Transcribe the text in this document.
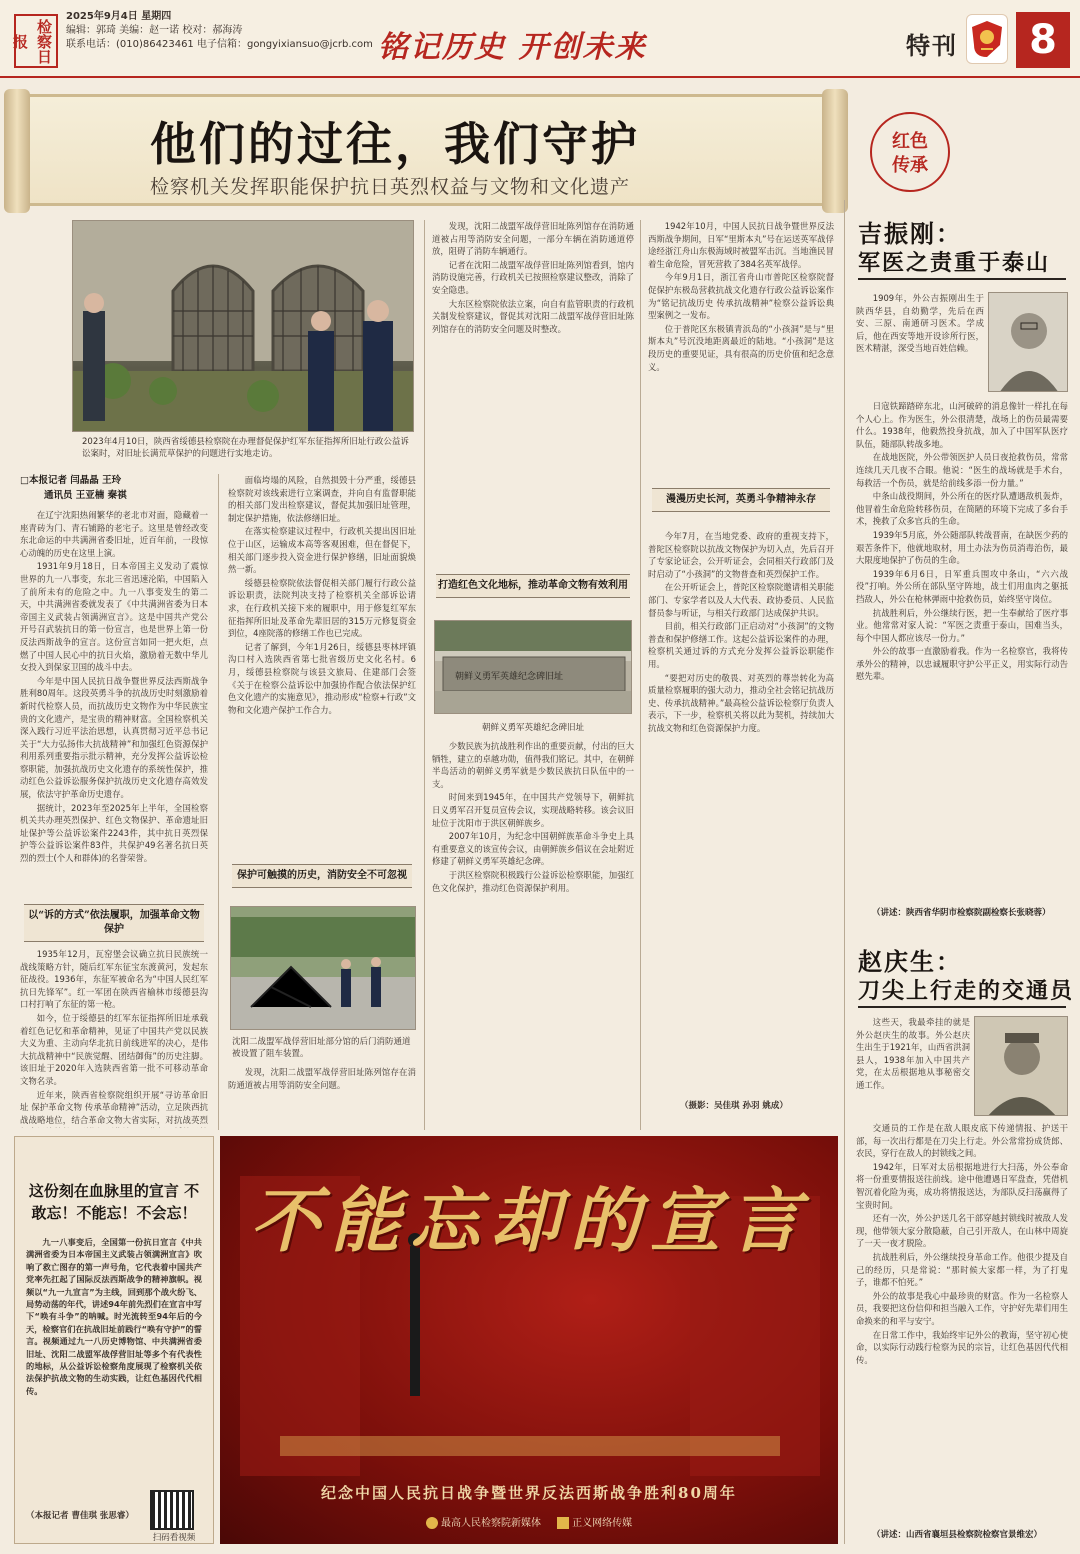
检察日报
2025年9月4日 星期四
编辑：郭琦 美编：赵一诺 校对：郝海涛
联系电话：(010)86423461 电子信箱：gongyixiansuo@jcrb.com 铭记历史 开创未来	特刊	8
他们的过往，我们守护
检察机关发挥职能保护抗日英烈权益与文物和文化遗产
红色
传承
2023年4月10日，陕西省绥德县检察院在办理督促保护红军东征指挥所旧址行政公益诉讼案时，对旧址长满荒草保护的问题进行实地走访。

□本报记者 闫晶晶 王玲

通讯员 王亚楠 秦祺

在辽宁沈阳热闹繁华的老北市对面，隐藏着一座青砖为门、青石铺路的老宅子。这里是曾经改变东北命运的中共满洲省委旧址，近百年前，一段惊心动魄的历史在这里上演。

1931年9月18日，日本帝国主义发动了震惊世界的九一八事变，东北三省迅速沦陷，中国陷入了前所未有的危险之中。九一八事变发生的第二天，中共满洲省委就发表了《中共满洲省委为日本帝国主义武装占领满洲宣言》。这是中国共产党公开号召武装抗日的第一份宣言，也是世界上第一份反法西斯战争的宣言。这份宣言如同一把火炬，点燃了中国人民心中的抗日火焰，激励着无数中华儿女投入到保家卫国的战斗中去。

今年是中国人民抗日战争暨世界反法西斯战争胜利80周年。这段英勇斗争的抗战历史时刻激励着新时代检察人员，而抗战历史文物作为中华民族宝贵的文化遗产，是宝贵的精神财富。全国检察机关深入践行习近平法治思想，认真贯彻习近平总书记关于“大力弘扬伟大抗战精神”和加强红色资源保护利用系列重要指示批示精神，充分发挥公益诉讼检察职能，加强抗战历史文化遗存的系统性保护，推动红色公益诉讼服务保护抗战历史文化遗存高效发展，依法守护革命历史遗存。

据统计，2023年至2025年上半年，全国检察机关共办理英烈保护、红色文物保护、革命遗址旧址保护等公益诉讼案件2243件，其中抗日英烈保护等公益诉讼案件83件，共保护49名著名抗日英烈的烈士(个人和群体)的名誉荣誉。

以“诉的方式”依法履职，加强革命文物保护

1935年12月，瓦窑堡会议确立抗日民族统一战线策略方针，随后红军东征宝东渡黄河，发起东征战役。1936年，东征军被命名为“中国人民红军抗日先锋军”。红一军团在陕西省榆林市绥德县沟口村打响了东征的第一枪。

如今，位于绥德县的红军东征指挥所旧址承载着红色记忆和革命精神，见证了中国共产党以民族大义为重、主动向华北抗日前线进军的决心，是伟大抗战精神中“民族觉醒、团结御侮”的历史注脚。该旧址于2020年入选陕西省第一批不可移动革命文物名录。

近年来，陕西省检察院组织开展“寻访革命旧址 保护革命文物 传承革命精神”活动，立足陕西抗战战略地位，结合革命文物大省实际，对抗战英烈

面临垮塌的风险，自然损毁十分严重，绥德县检察院对该线索进行立案调查，并向自有监督职能的相关部门发出检察建议，督促其加强旧址管理，制定保护措施，依法修缮旧址。

在落实检察建议过程中，行政机关提出因旧址位于山区，运输成本高等客观困难，但在督促下，相关部门逐步投入资金进行保护修缮，旧址面貌焕然一新。

绥德县检察院依法督促相关部门履行行政公益诉讼职责，法院判决支持了检察机关全部诉讼请求，在行政机关接下来的履职中，用于修复红军东征指挥所旧址及革命先辈旧居的315万元修复资金到位，4座院落的修缮工作也已完成。

记者了解到，今年1月26日，绥德县枣林坪镇沟口村入选陕西省第七批省级历史文化名村。6月，绥德县检察院与该县文旅局、住建部门会签《关于在检察公益诉讼中加强协作配合依法保护红色文化遗产的实施意见》，推动形成“检察+行政”文物和文化遗产保护工作合力。

保护可触摸的历史，消防安全不可忽视
沈阳二战盟军战俘营旧址部分馆的后门消防通道被设置了阻车装置。

发现，沈阳二战盟军战俘营旧址陈列馆存在消防通道被占用等消防安全问题。

发现，沈阳二战盟军战俘营旧址陈列馆存在消防通道被占用等消防安全问题，一部分车辆在消防通道停放，阻碍了消防车辆通行。

记者在沈阳二战盟军战俘营旧址陈列馆看到，馆内消防设施完善，行政机关已按照检察建议整改，消除了安全隐患。

大东区检察院依法立案，向自有监管职责的行政机关制发检察建议，督促其对沈阳二战盟军战俘营旧址陈列馆存在的消防安全问题及时整改。

打造红色文化地标，推动革命文物有效利用
朝鲜义勇军英雄纪念碑旧址
朝鲜义勇军英雄纪念碑旧址

少数民族为抗战胜利作出的重要贡献，付出的巨大牺牲，建立的卓越功勋，值得我们铭记。其中，在朝鲜半岛活动的朝鲜义勇军就是少数民族抗日队伍中的一支。

时间来到1945年，在中国共产党领导下，朝鲜抗日义勇军召开复员宣传会议，实现战略转移。该会议旧址位于沈阳市于洪区朝鲜族乡。

2007年10月，为纪念中国朝鲜族革命斗争史上具有重要意义的该宣传会议，由朝鲜族乡倡议在会址附近修建了朝鲜义勇军英雄纪念碑。

于洪区检察院积极践行公益诉讼检察职能，加强红色文化保护，推动红色资源保护利用。

1942年10月，中国人民抗日战争暨世界反法西斯战争期间，日军“里斯本丸”号在运送英军战俘途经浙江舟山东极海域时被盟军击沉。当地渔民冒着生命危险，冒死营救了384名英军战俘。

今年9月1日，浙江省舟山市普陀区检察院督促保护东极岛营救抗战文化遗存行政公益诉讼案作为“铭记抗战历史 传承抗战精神”检察公益诉讼典型案例之一发布。

位于普陀区东极镇青浜岛的“小孩洞”是与“里斯本丸”号沉没地距离最近的陆地。“小孩洞”是这段历史的重要见证，具有很高的历史价值和纪念意义。

漫漫历史长河，英勇斗争精神永存

今年7月，在当地党委、政府的重视支持下，普陀区检察院以抗战文物保护为切入点，先后召开了专家论证会，公开听证会，会同相关行政部门及时启动了“小孩洞”的文物普查和英烈保护工作。

在公开听证会上，普陀区检察院邀请相关职能部门、专家学者以及人大代表、政协委员、人民监督员参与听证，与相关行政部门达成保护共识。

目前，相关行政部门正启动对“小孩洞”的文物普查和保护修缮工作。这起公益诉讼案件的办理，检察机关通过诉的方式充分发挥公益诉讼职能作用。

“要把对历史的敬畏、对英烈的尊崇转化为高质量检察履职的强大动力，推动全社会铭记抗战历史、传承抗战精神。”最高检公益诉讼检察厅负责人表示，下一步，检察机关将以此为契机，持续加大抗战文物和红色资源保护力度。

（摄影：吴佳琪 孙羽 姚成）
吉振刚：
军医之责重于泰山

1909年，外公吉振刚出生于陕西华县，自幼勤学，先后在西安、三原、南通研习医术。学成后，他在西安等地开设诊所行医，医术精湛，深受当地百姓信赖。

日寇铁蹄踏碎东北，山河破碎的消息像针一样扎在每个人心上。作为医生，外公很清楚，战场上的伤员最需要什么。1938年，他毅然投身抗战，加入了中国军队医疗队伍，随部队转战多地。

在战地医院，外公带领医护人员日夜抢救伤员，常常连续几天几夜不合眼。他说：“医生的战场就是手术台，每救活一个伤员，就是给前线多添一份力量。”

中条山战役期间，外公所在的医疗队遭遇敌机轰炸，他冒着生命危险转移伤员，在简陋的环境下完成了多台手术，挽救了众多官兵的生命。

1939年5月底，外公随部队转战晋南，在缺医少药的艰苦条件下，他就地取材，用土办法为伤员消毒治伤，最大限度地保护了伤员的生命。

1939年6月6日，日军重兵围攻中条山，“六六战役”打响。外公所在部队坚守阵地，战士们用血肉之躯抵挡敌人，外公在枪林弹雨中抢救伤员，始终坚守岗位。

抗战胜利后，外公继续行医，把一生奉献给了医疗事业。他常常对家人说：“军医之责重于泰山，国难当头，每个中国人都应该尽一份力。”

外公的故事一直激励着我。作为一名检察官，我将传承外公的精神，以忠诚履职守护公平正义，用实际行动告慰先辈。

（讲述：陕西省华阴市检察院副检察长张晓蓉）
赵庆生：
刀尖上行走的交通员

这些天，我最牵挂的就是外公赵庆生的故事。外公赵庆生出生于1921年，山西省洪洞县人，1938年加入中国共产党，在太岳根据地从事秘密交通工作。

交通员的工作是在敌人眼皮底下传递情报、护送干部，每一次出行都是在刀尖上行走。外公常常扮成货郎、农民，穿行在敌人的封锁线之间。

1942年，日军对太岳根据地进行大扫荡，外公奉命将一份重要情报送往前线。途中他遭遇日军盘查，凭借机智沉着化险为夷，成功将情报送达，为部队反扫荡赢得了宝贵时间。

还有一次，外公护送几名干部穿越封锁线时被敌人发现，他带领大家分散隐蔽，自己引开敌人，在山林中周旋了一天一夜才脱险。

抗战胜利后，外公继续投身革命工作。他很少提及自己的经历，只是常说：“那时候大家都一样，为了打鬼子，谁都不怕死。”

外公的故事是我心中最珍贵的财富。作为一名检察人员，我要把这份信仰和担当融入工作，守护好先辈们用生命换来的和平与安宁。

在日常工作中，我始终牢记外公的教诲，坚守初心使命，以实际行动践行检察为民的宗旨，让红色基因代代相传。

（讲述：山西省襄垣县检察院检察官景维宏）
这份刻在血脉里的宣言 不敢忘！不能忘！不会忘！

九一八事变后，全国第一份抗日宣言《中共满洲省委为日本帝国主义武装占领满洲宣言》吹响了救亡图存的第一声号角，它代表着中国共产党率先扛起了国际反法西斯战争的精神旗帜。视频以“九一九宣言”为主线，回到那个战火纷飞、局势动荡的年代，讲述94年前先烈们在宣言中写下“唤有斗争”的呐喊。时光流转至94年后的今天，检察官们在抗战旧址前践行“唤有守护”的誓言。视频通过九一八历史博物馆、中共满洲省委旧址、沈阳二战盟军战俘营旧址等多个有代表性的地标，从公益诉讼检察角度展现了检察机关依法保护抗战文物的生动实践，让红色基因代代相传。

（本报记者 曹佳琪 张思睿）
扫码看视频
不能忘却的宣言
纪念中国人民抗日战争暨世界反法西斯战争胜利80周年
最高人民检察院新媒体	正义网络传媒
